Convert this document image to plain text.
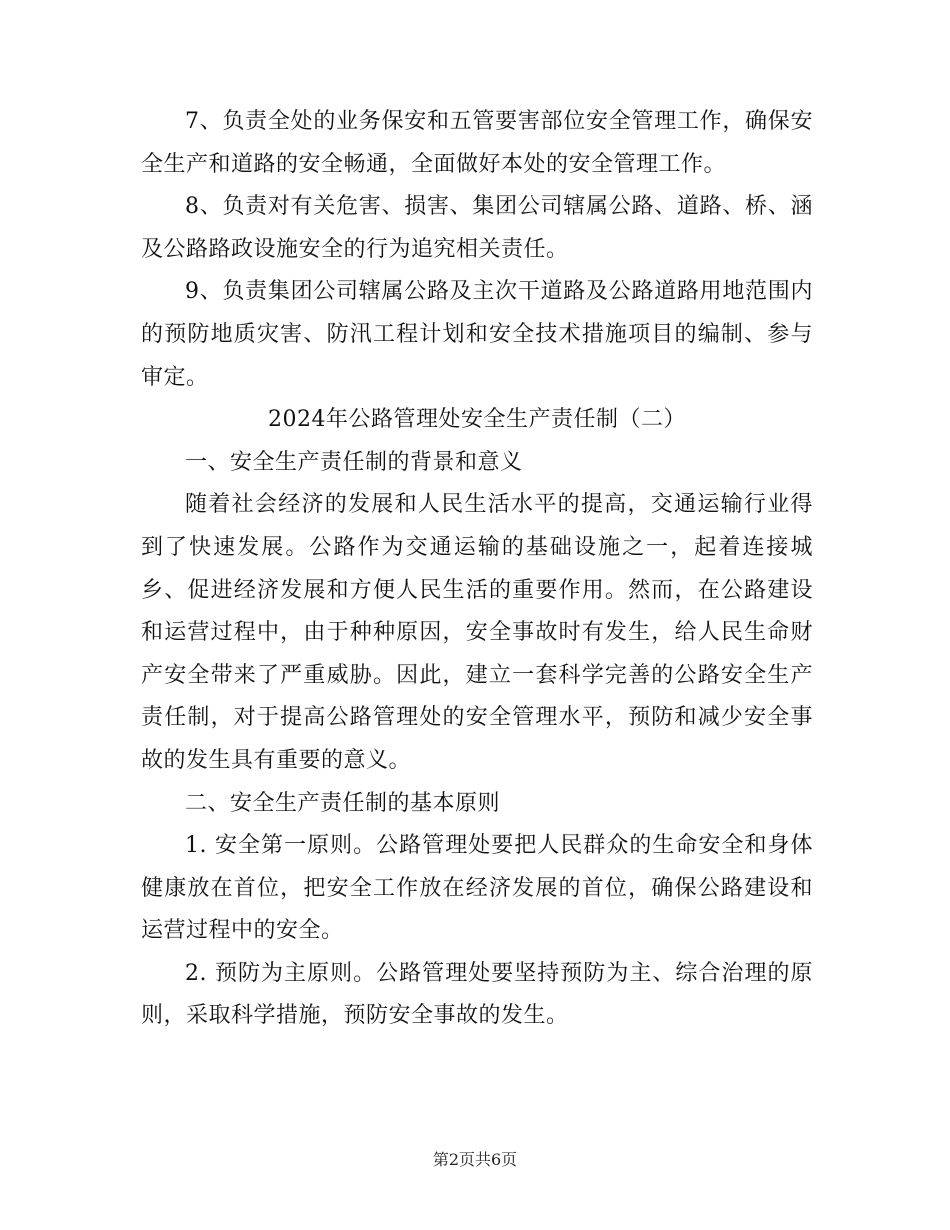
7、负责全处的业务保安和五管要害部位安全管理工作，确保安全生产和道路的安全畅通，全面做好本处的安全管理工作。

8、负责对有关危害、损害、集团公司辖属公路、道路、桥、涵及公路路政设施安全的行为追究相关责任。

9、负责集团公司辖属公路及主次干道路及公路道路用地范围内的预防地质灾害、防汛工程计划和安全技术措施项目的编制、参与审定。

2024年公路管理处安全生产责任制（二）

一、安全生产责任制的背景和意义

随着社会经济的发展和人民生活水平的提高，交通运输行业得到了快速发展。公路作为交通运输的基础设施之一，起着连接城乡、促进经济发展和方便人民生活的重要作用。然而，在公路建设和运营过程中，由于种种原因，安全事故时有发生，给人民生命财产安全带来了严重威胁。因此，建立一套科学完善的公路安全生产责任制，对于提高公路管理处的安全管理水平，预防和减少安全事故的发生具有重要的意义。

二、安全生产责任制的基本原则

1. 安全第一原则。公路管理处要把人民群众的生命安全和身体健康放在首位，把安全工作放在经济发展的首位，确保公路建设和运营过程中的安全。

2. 预防为主原则。公路管理处要坚持预防为主、综合治理的原则，采取科学措施，预防安全事故的发生。

第2页共6页
